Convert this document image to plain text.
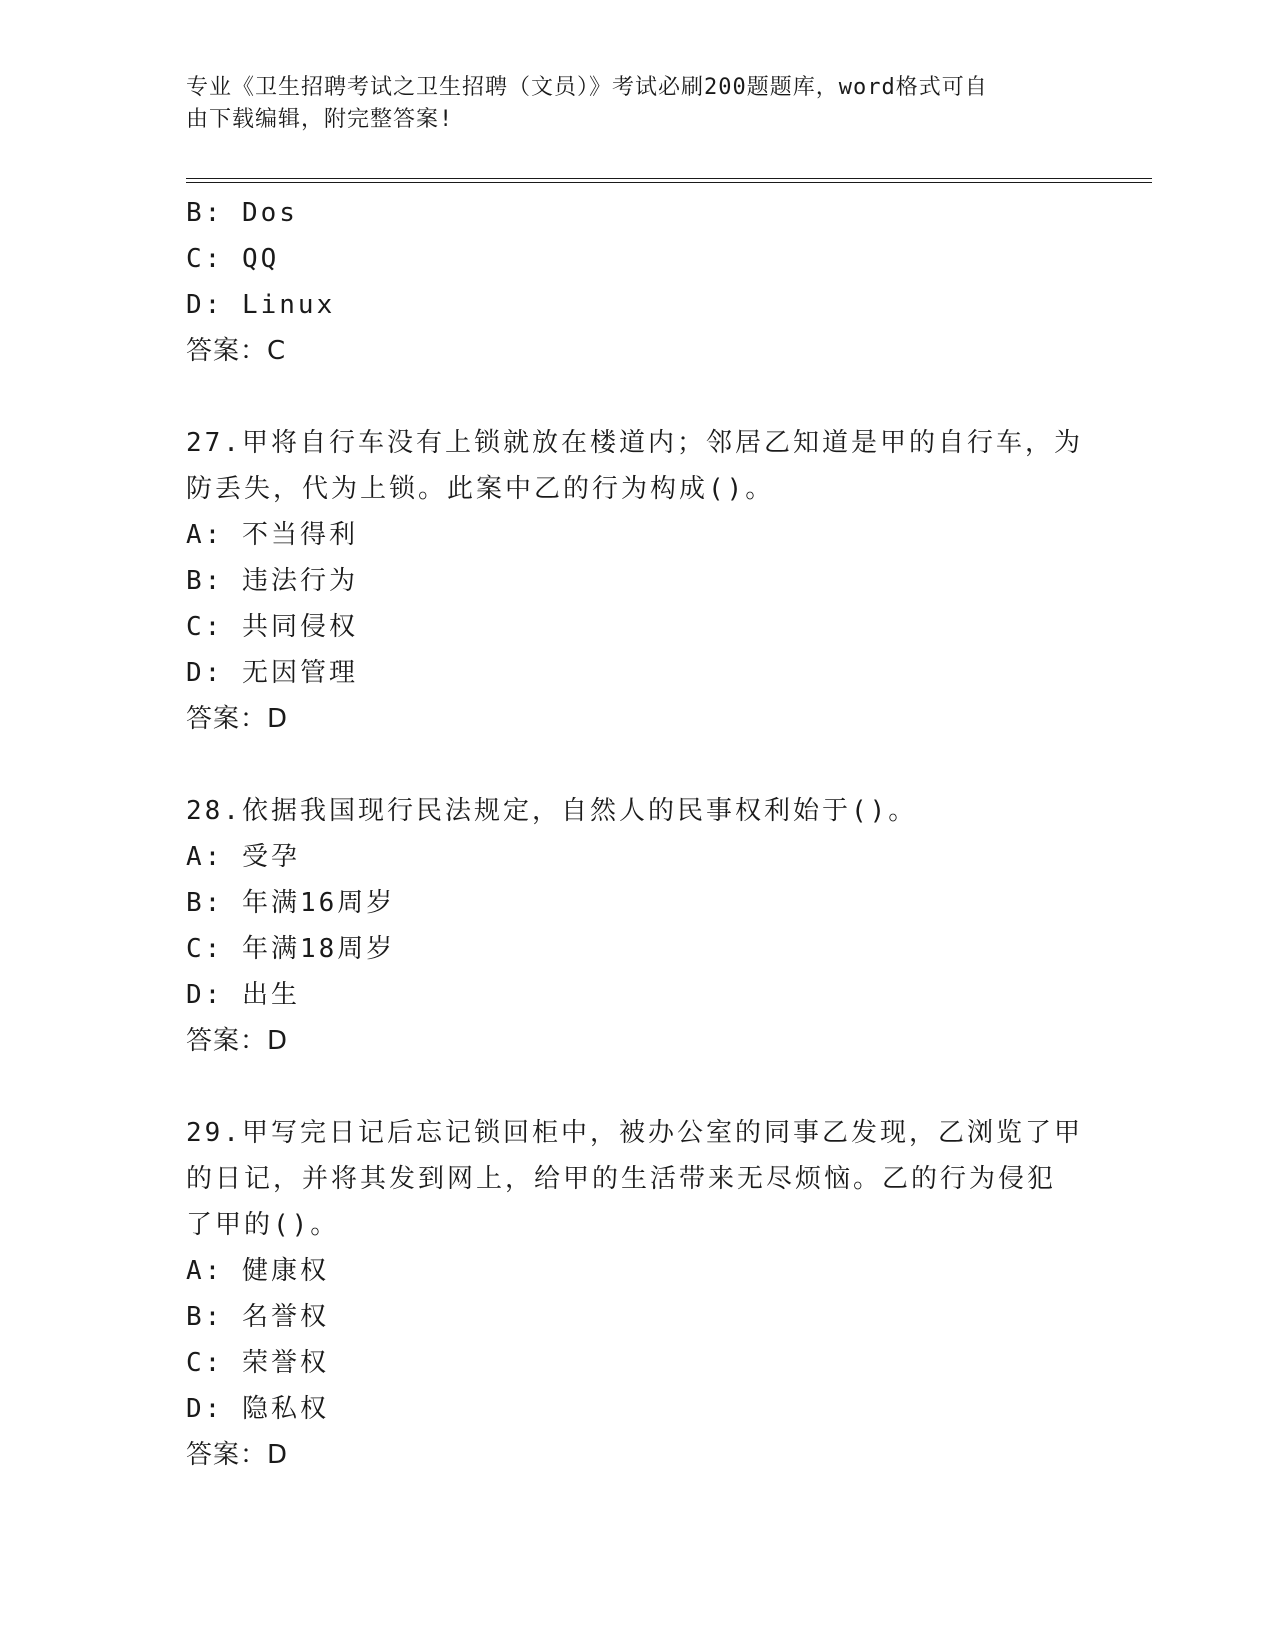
专业《卫生招聘考试之卫生招聘（文员）》考试必刷200题题库，word格式可自
由下载编辑，附完整答案!
B: Dos
C: QQ
D: Linux
答案：C
27.甲将自行车没有上锁就放在楼道内；邻居乙知道是甲的自行车，为
防丢失，代为上锁。此案中乙的行为构成()。
A: 不当得利
B: 违法行为
C: 共同侵权
D: 无因管理
答案：D
28.依据我国现行民法规定，自然人的民事权利始于()。
A: 受孕
B: 年满16周岁
C: 年满18周岁
D: 出生
答案：D
29.甲写完日记后忘记锁回柜中，被办公室的同事乙发现，乙浏览了甲
的日记，并将其发到网上，给甲的生活带来无尽烦恼。乙的行为侵犯
了甲的()。
A: 健康权
B: 名誉权
C: 荣誉权
D: 隐私权
答案：D
